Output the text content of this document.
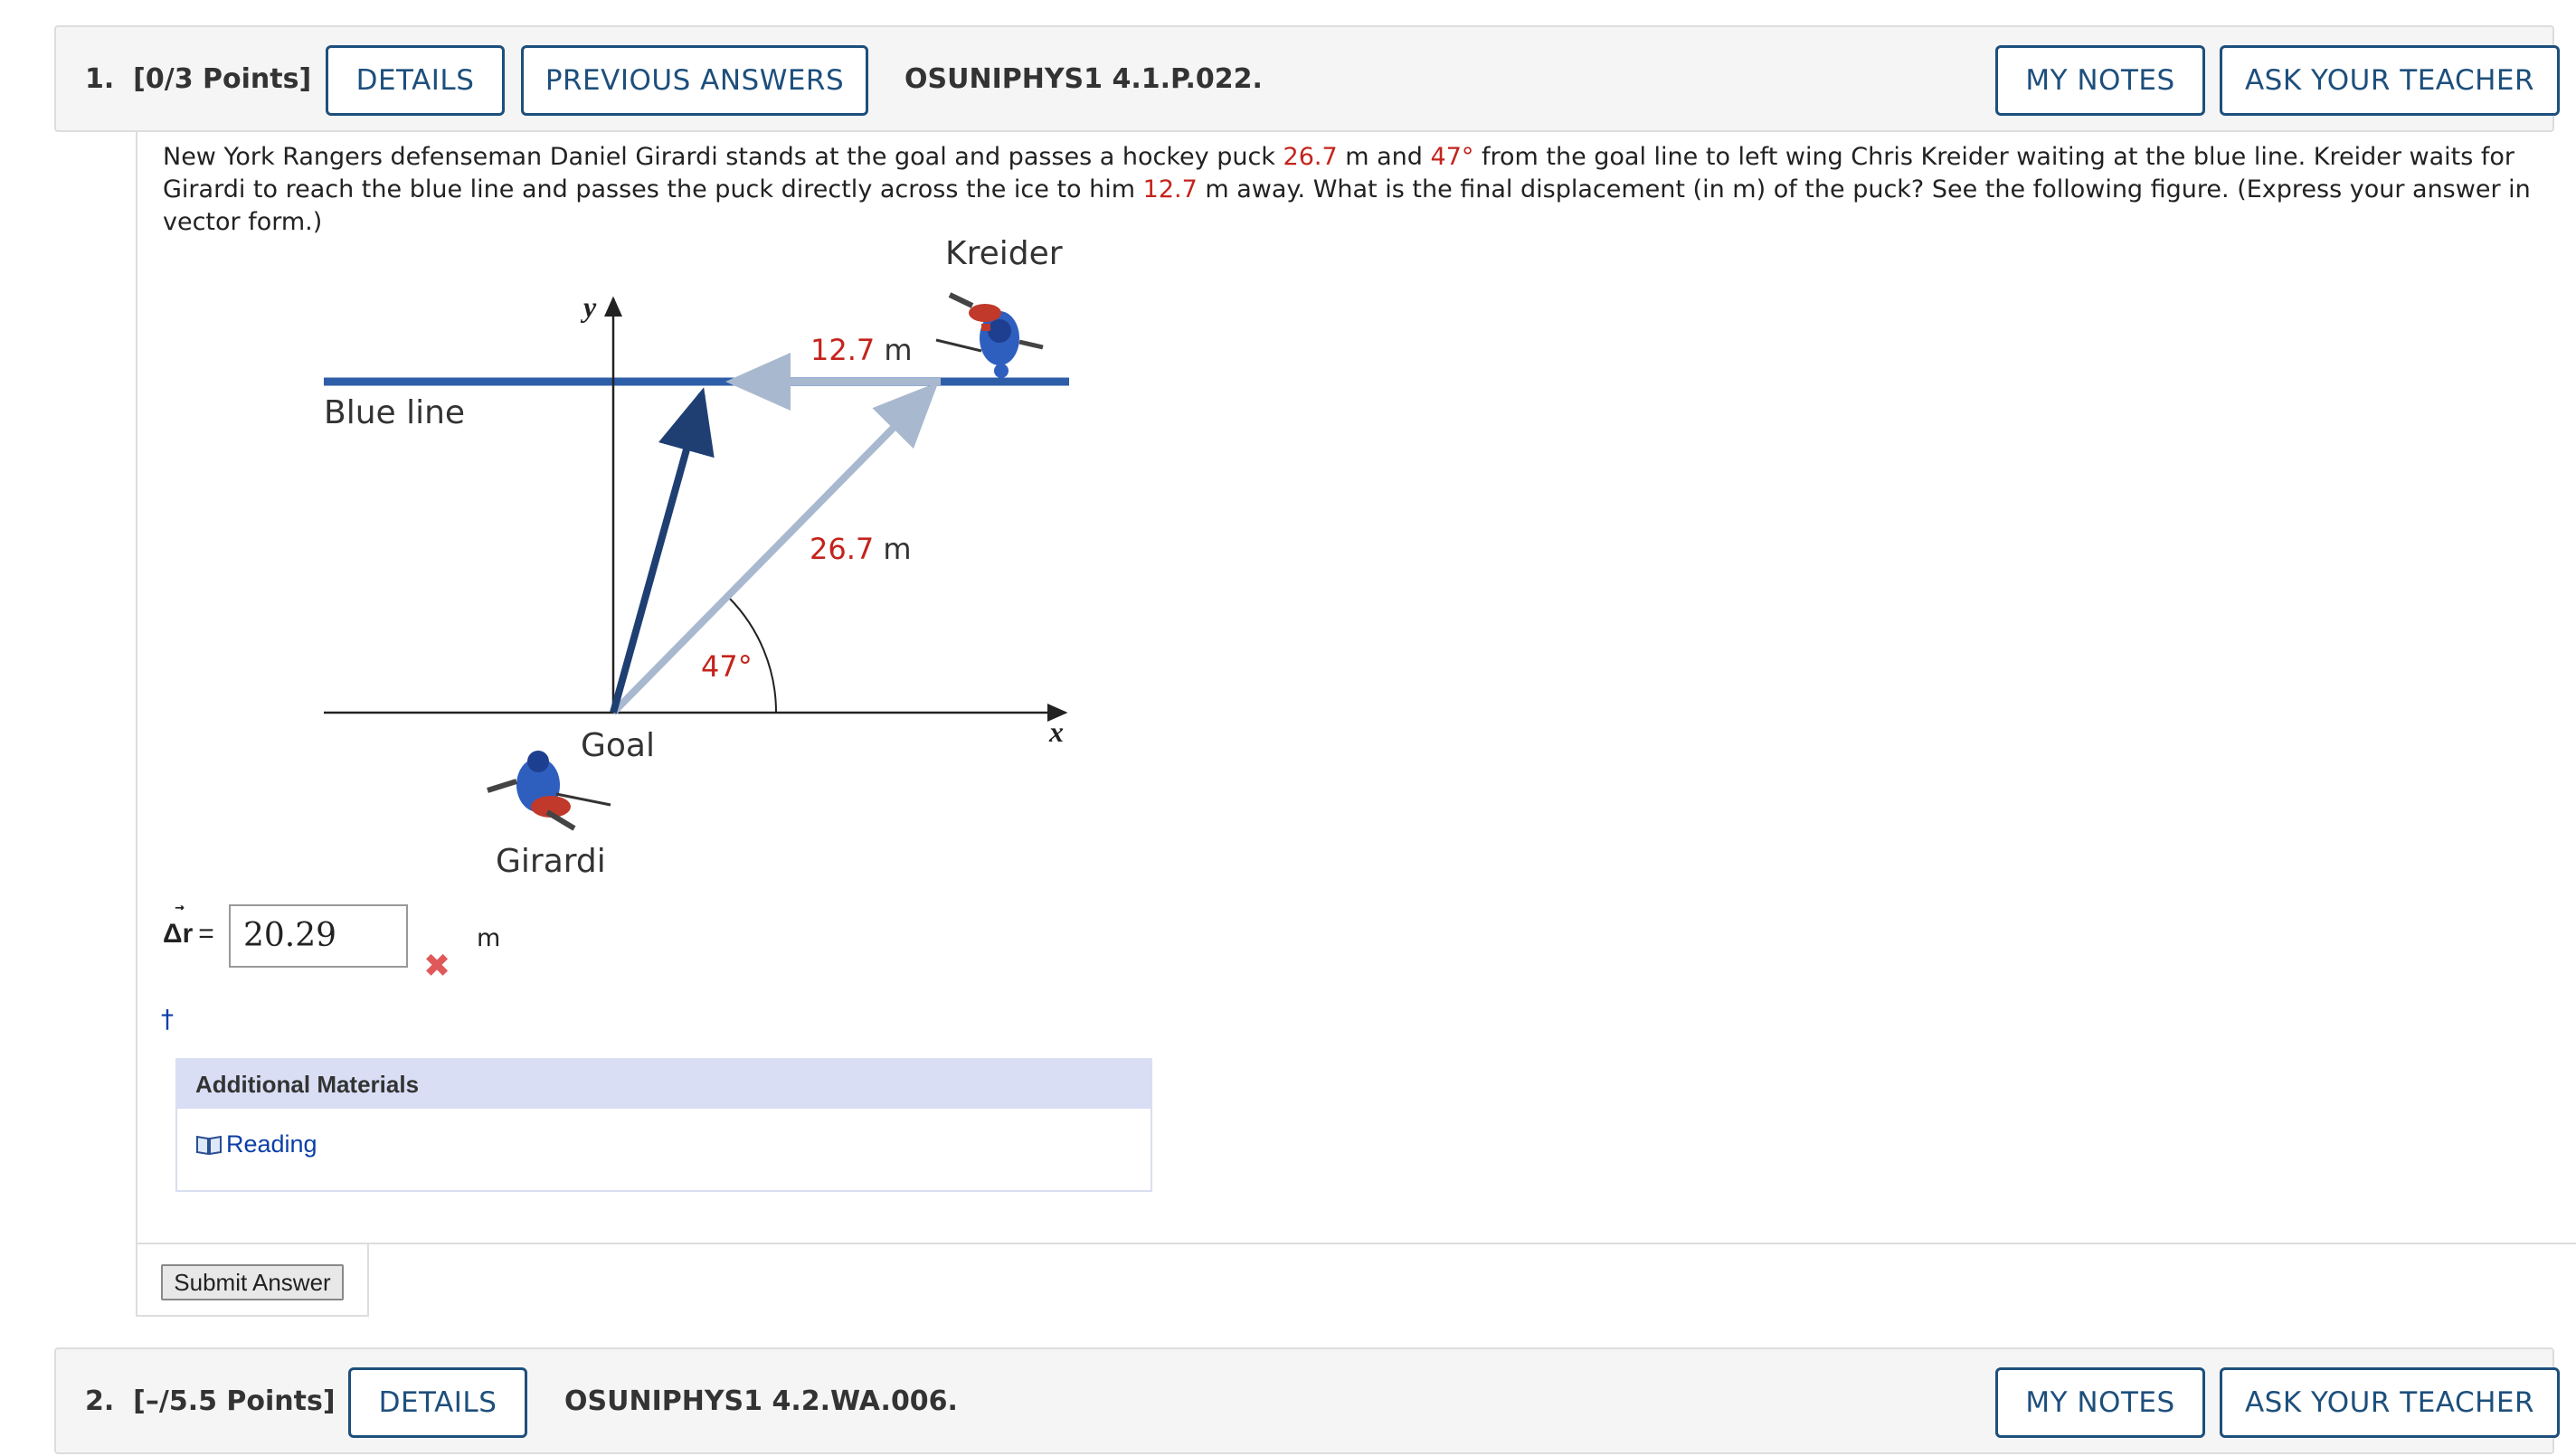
1. [0/3 Points]	DETAILS	PREVIOUS ANSWERS	OSUNIPHYS1 4.1.P.022.	MY NOTES	ASK YOUR TEACHER
New York Rangers defenseman Daniel Girardi stands at the goal and passes a hockey puck 26.7 m and 47° from the goal line to left wing Chris Kreider waiting at the blue line. Kreider waits for Girardi to reach the blue line and passes the puck directly across the ice to him 12.7 m away. What is the final displacement (in m) of the puck? See the following figure. (Express your answer in vector form.)
Kreider
Blue line
y
x
47°
26.7 m
12.7 m
Goal
Girardi
Δr = 20.29
✖
m
†
Additional Materials
Reading
Submit Answer
2. [–/5.5 Points]	DETAILS	OSUNIPHYS1 4.2.WA.006.	MY NOTES	ASK YOUR TEACHER
